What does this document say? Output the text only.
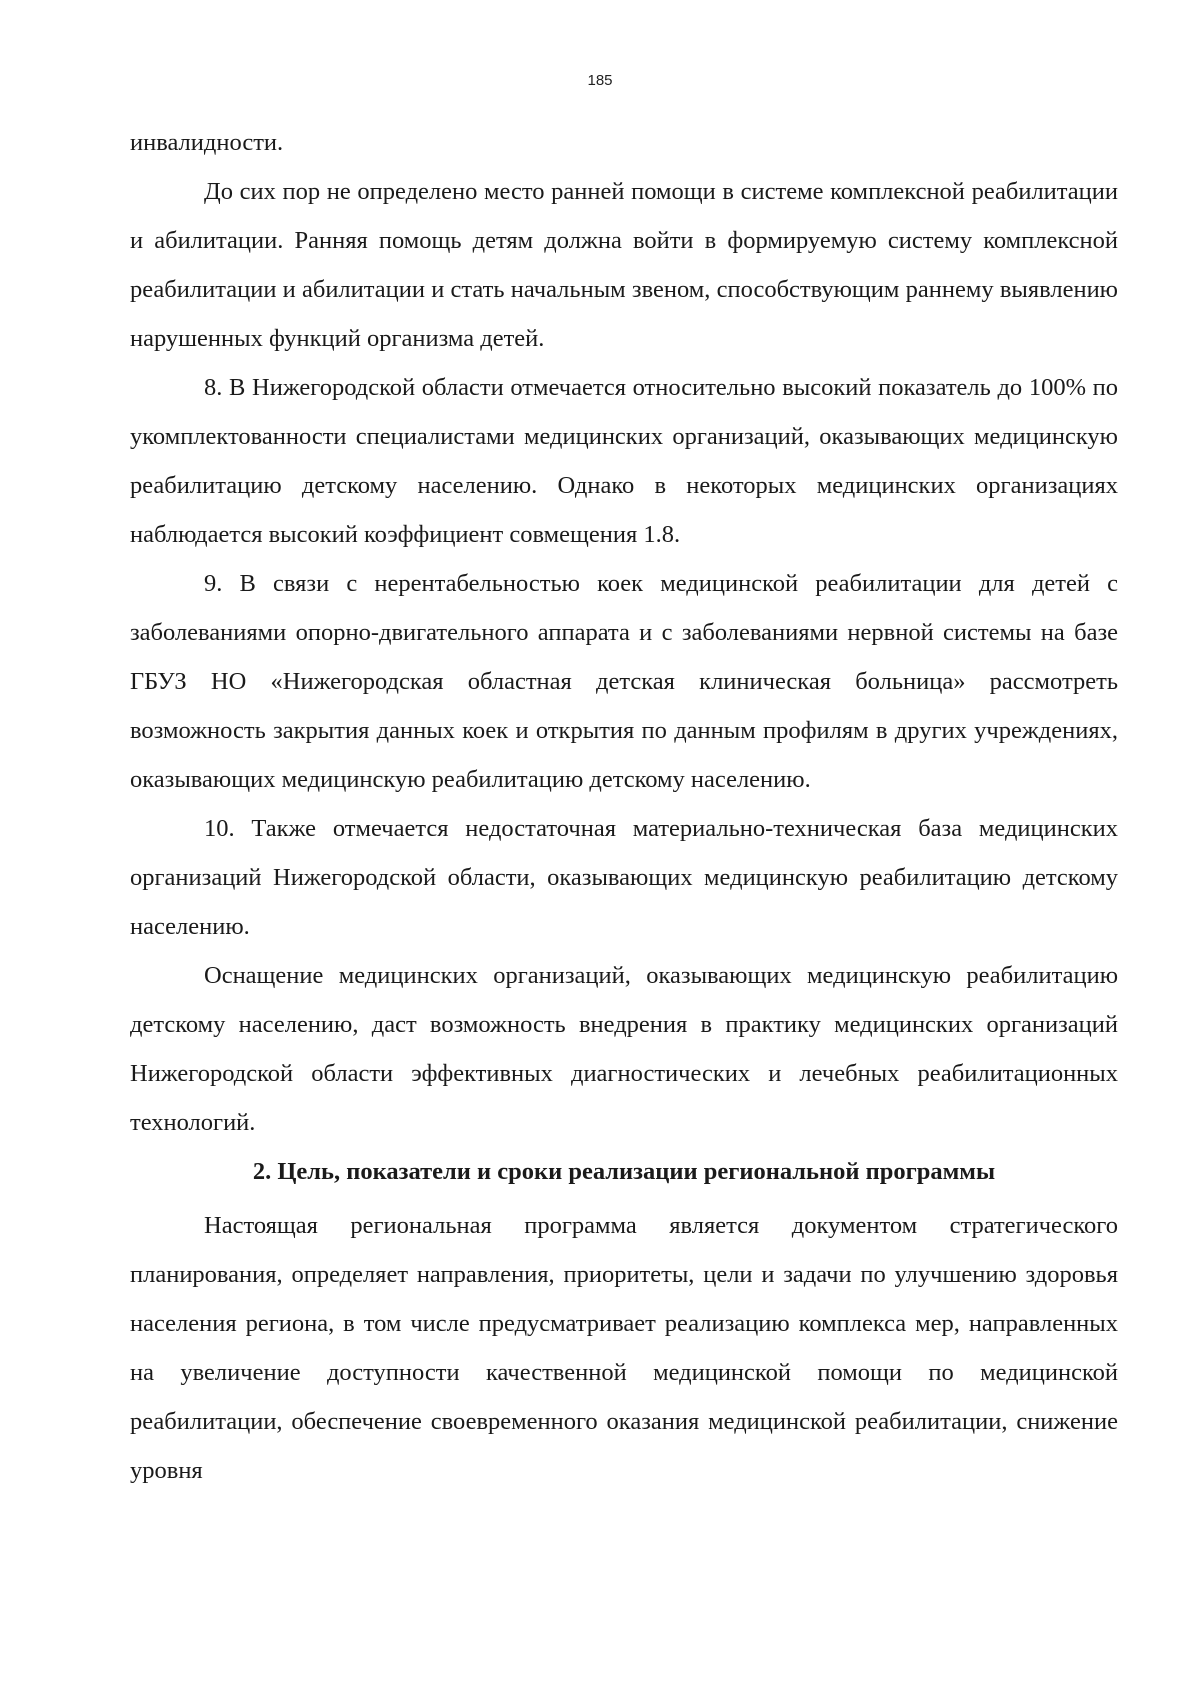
185

инвалидности.

До сих пор не определено место ранней помощи в системе комплексной реабилитации и абилитации. Ранняя помощь детям должна войти в формируемую систему комплексной реабилитации и абилитации и стать начальным звеном, способствующим раннему выявлению нарушенных функций организма детей.

8. В Нижегородской области отмечается относительно высокий показатель до 100% по укомплектованности специалистами медицинских организаций, оказывающих медицинскую реабилитацию детскому населению. Однако в некоторых медицинских организациях наблюдается высокий коэффициент совмещения 1.8.

9. В связи с нерентабельностью коек медицинской реабилитации для детей с заболеваниями опорно-двигательного аппарата и с заболеваниями нервной системы на базе ГБУЗ НО «Нижегородская областная детская клиническая больница» рассмотреть возможность закрытия данных коек и открытия по данным профилям в других учреждениях, оказывающих медицинскую реабилитацию детскому населению.

10. Также отмечается недостаточная материально-техническая база медицинских организаций Нижегородской области, оказывающих медицинскую реабилитацию детскому населению.

Оснащение медицинских организаций, оказывающих медицинскую реабилитацию детскому населению, даст возможность внедрения в практику медицинских организаций Нижегородской области эффективных диагностических и лечебных реабилитационных технологий.

2. Цель, показатели и сроки реализации региональной программы

Настоящая региональная программа является документом стратегического планирования, определяет направления, приоритеты, цели и задачи по улучшению здоровья населения региона, в том числе предусматривает реализацию комплекса мер, направленных на увеличение доступности качественной медицинской помощи по медицинской реабилитации, обеспечение своевременного оказания медицинской реабилитации, снижение уровня
